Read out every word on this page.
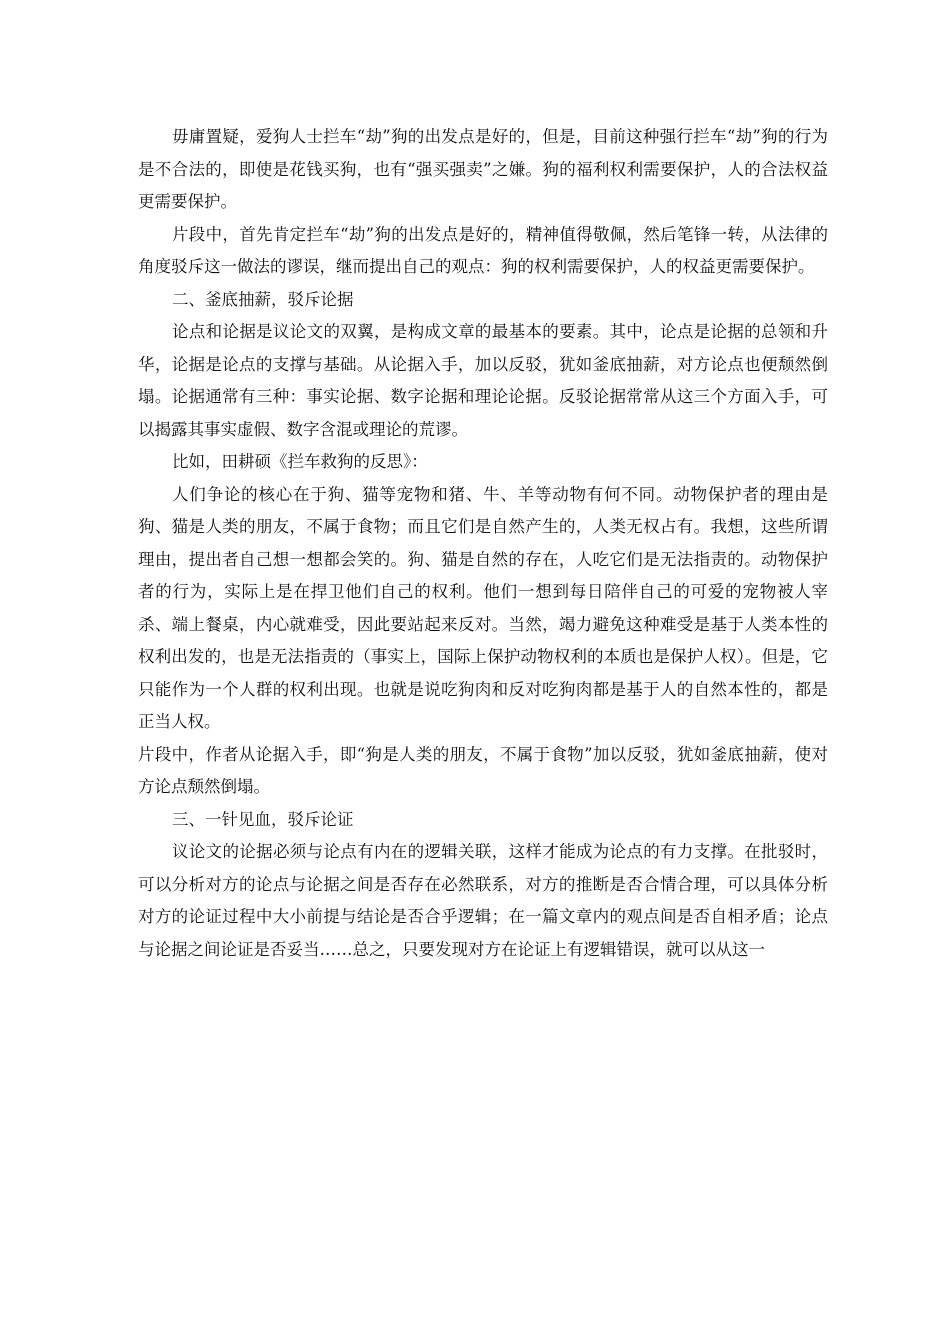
毋庸置疑，爱狗人士拦车“劫”狗的出发点是好的，但是，目前这种强行拦车“劫”狗的行为是不合法的，即使是花钱买狗，也有“强买强卖”之嫌。狗的福利权利需要保护，人的合法权益更需要保护。

片段中，首先肯定拦车“劫”狗的出发点是好的，精神值得敬佩，然后笔锋一转，从法律的角度驳斥这一做法的谬误，继而提出自己的观点：狗的权利需要保护，人的权益更需要保护。

二、釜底抽薪，驳斥论据

论点和论据是议论文的双翼，是构成文章的最基本的要素。其中，论点是论据的总领和升华，论据是论点的支撑与基础。从论据入手，加以反驳，犹如釜底抽薪，对方论点也便颓然倒塌。论据通常有三种：事实论据、数字论据和理论论据。反驳论据常常从这三个方面入手，可以揭露其事实虚假、数字含混或理论的荒谬。

比如，田耕硕《拦车救狗的反思》：

人们争论的核心在于狗、猫等宠物和猪、牛、羊等动物有何不同。动物保护者的理由是狗、猫是人类的朋友，不属于食物；而且它们是自然产生的，人类无权占有。我想，这些所谓理由，提出者自己想一想都会笑的。狗、猫是自然的存在，人吃它们是无法指责的。动物保护者的行为，实际上是在捍卫他们自己的权利。他们一想到每日陪伴自己的可爱的宠物被人宰杀、端上餐桌，内心就难受，因此要站起来反对。当然，竭力避免这种难受是基于人类本性的权利出发的，也是无法指责的（事实上，国际上保护动物权利的本质也是保护人权）。但是，它只能作为一个人群的权利出现。也就是说吃狗肉和反对吃狗肉都是基于人的自然本性的，都是正当人权。

片段中，作者从论据入手，即“狗是人类的朋友，不属于食物”加以反驳，犹如釜底抽薪，使对方论点颓然倒塌。

三、一针见血，驳斥论证

议论文的论据必须与论点有内在的逻辑关联，这样才能成为论点的有力支撑。在批驳时，可以分析对方的论点与论据之间是否存在必然联系，对方的推断是否合情合理，可以具体分析对方的论证过程中大小前提与结论是否合乎逻辑；在一篇文章内的观点间是否自相矛盾；论点与论据之间论证是否妥当……总之，只要发现对方在论证上有逻辑错误，就可以从这一
